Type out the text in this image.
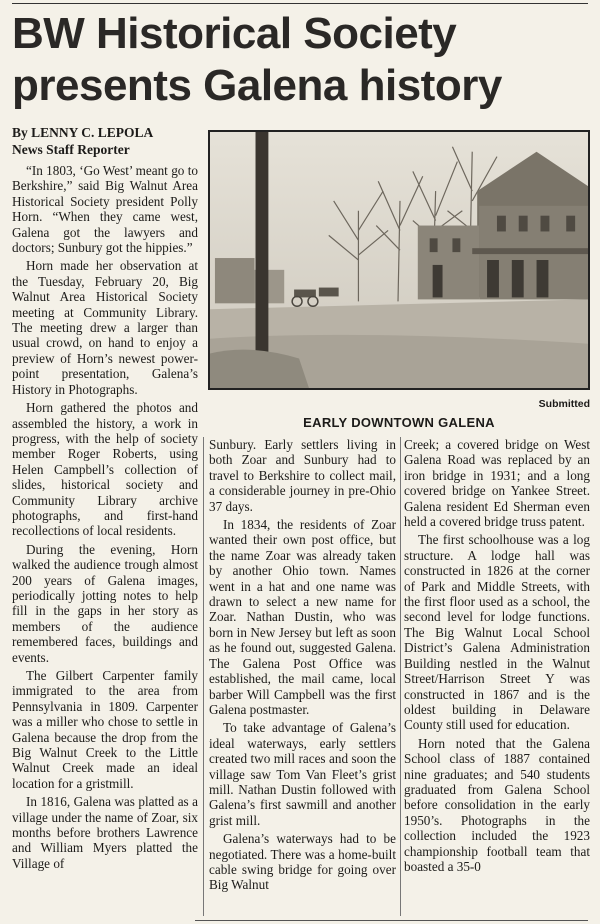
BW Historical Society
presents Galena history
By LENNY C. LEPOLA
News Staff Reporter
Submitted
EARLY DOWNTOWN GALENA

“In 1803, ‘Go West’ meant go to Berkshire,” said Big Walnut Area Historical Society president Polly Horn. “When they came west, Galena got the lawyers and doctors; Sunbury got the hippies.”

Horn made her observation at the Tuesday, February 20, Big Walnut Area Historical Society meeting at Community Library. The meeting drew a larger than usual crowd, on hand to enjoy a preview of Horn’s newest power-point presentation, Galena’s History in Photographs.

Horn gathered the photos and assembled the history, a work in progress, with the help of society member Roger Roberts, using Helen Campbell’s collection of slides, historical society and Community Library archive photographs, and first-hand recollections of local residents.

During the evening, Horn walked the audience trough almost 200 years of Galena images, periodically jotting notes to help fill in the gaps in her story as members of the audience remembered faces, buildings and events.

The Gilbert Carpenter family immigrated to the area from Pennsylvania in 1809. Carpenter was a miller who chose to settle in Galena because the drop from the Big Walnut Creek to the Little Walnut Creek made an ideal location for a gristmill.

In 1816, Galena was platted as a village under the name of Zoar, six months before brothers Lawrence and William Myers platted the Village of

Sunbury. Early settlers living in both Zoar and Sunbury had to travel to Berkshire to collect mail, a considerable journey in pre-Ohio 37 days.

In 1834, the residents of Zoar wanted their own post office, but the name Zoar was already taken by another Ohio town. Names went in a hat and one name was drawn to select a new name for Zoar. Nathan Dustin, who was born in New Jersey but left as soon as he found out, suggested Galena. The Galena Post Office was established, the mail came, local barber Will Campbell was the first Galena postmaster.

To take advantage of Galena’s ideal waterways, early settlers created two mill races and soon the village saw Tom Van Fleet’s grist mill. Nathan Dustin followed with Galena’s first sawmill and another grist mill.

Galena’s waterways had to be negotiated. There was a home-built cable swing bridge for going over Big Walnut

Creek; a covered bridge on West Galena Road was replaced by an iron bridge in 1931; and a long covered bridge on Yankee Street. Galena resident Ed Sherman even held a covered bridge truss patent.

The first schoolhouse was a log structure. A lodge hall was constructed in 1826 at the corner of Park and Middle Streets, with the first floor used as a school, the second level for lodge functions. The Big Walnut Local School District’s Galena Administration Building nestled in the Walnut Street/Harrison Street Y was constructed in 1867 and is the oldest building in Delaware County still used for education.

Horn noted that the Galena School class of 1887 contained nine graduates; and 540 students graduated from Galena School before consolidation in the early 1950’s. Photographs in the collection included the 1923 championship football team that boasted a 35-0
